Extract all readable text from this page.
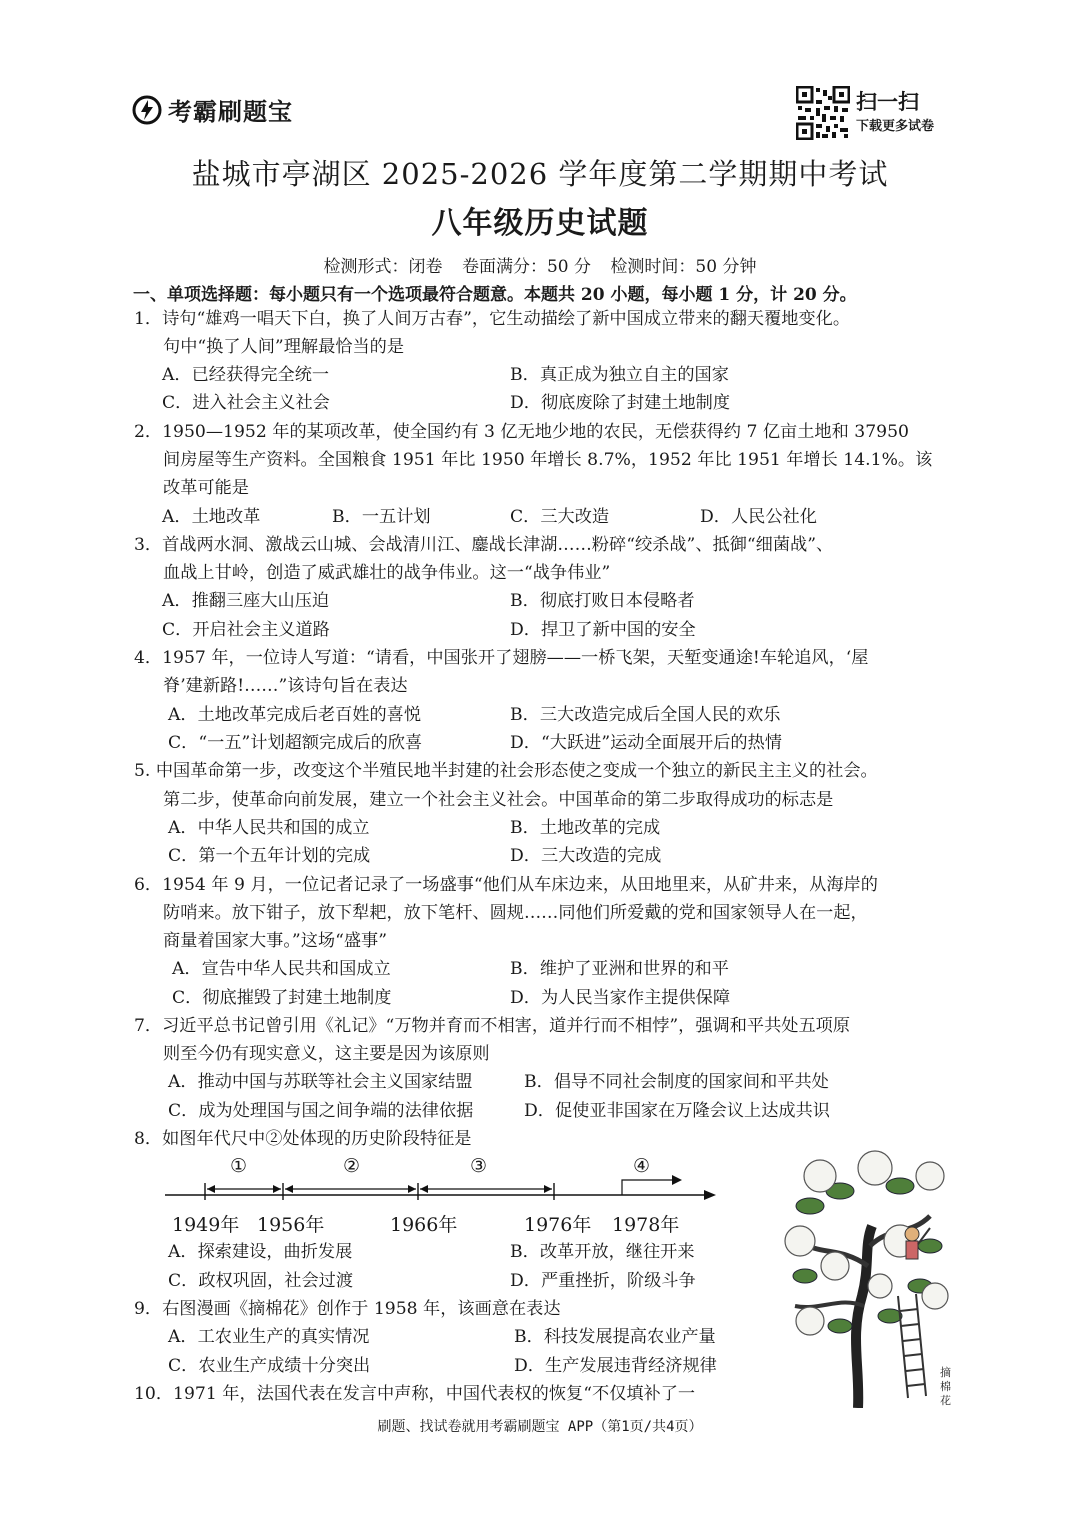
考霸刷题宝	扫一扫
下载更多试卷
盐城市亭湖区 2025-2026 学年度第二学期期中考试
八年级历史试题
检测形式：闭卷 卷面满分：50 分 检测时间：50 分钟
一、单项选择题：每小题只有一个选项最符合题意。本题共 20 小题，每小题 1 分，计 20 分。
1．诗句“雄鸡一唱天下白，换了人间万古春”，它生动描绘了新中国成立带来的翻天覆地变化。
句中“换了人间”理解最恰当的是
A．已经获得完全统一	B．真正成为独立自主的国家
C．进入社会主义社会	D．彻底废除了封建土地制度
2．1950—1952 年的某项改革，使全国约有 3 亿无地少地的农民，无偿获得约 7 亿亩土地和 37950
间房屋等生产资料。全国粮食 1951 年比 1950 年增长 8.7%，1952 年比 1951 年增长 14.1%。该
改革可能是
A．土地改革	B．一五计划	C．三大改造	D．人民公社化
3．首战两水洞、激战云山城、会战清川江、鏖战长津湖……粉碎“绞杀战”、抵御“细菌战”、
血战上甘岭，创造了威武雄壮的战争伟业。这一“战争伟业”
A．推翻三座大山压迫	B．彻底打败日本侵略者
C．开启社会主义道路	D．捍卫了新中国的安全
4．1957 年，一位诗人写道：“请看，中国张开了翅膀——一桥飞架，天堑变通途!车轮追风，‘屋
脊’建新路!……”该诗句旨在表达
A．土地改革完成后老百姓的喜悦	B．三大改造完成后全国人民的欢乐
C．“一五”计划超额完成后的欣喜	D．“大跃进”运动全面展开后的热情
5. 中国革命第一步，改变这个半殖民地半封建的社会形态使之变成一个独立的新民主主义的社会。
第二步，使革命向前发展，建立一个社会主义社会。中国革命的第二步取得成功的标志是
A．中华人民共和国的成立	B．土地改革的完成
C．第一个五年计划的完成	D．三大改造的完成
6．1954 年 9 月，一位记者记录了一场盛事“他们从车床边来，从田地里来，从矿井来，从海岸的
防哨来。放下钳子，放下犁耙，放下笔杆、圆规……同他们所爱戴的党和国家领导人在一起，
商量着国家大事。”这场“盛事”
A．宣告中华人民共和国成立	B．维护了亚洲和世界的和平
C．彻底摧毁了封建土地制度	D．为人民当家作主提供保障
7．习近平总书记曾引用《礼记》“万物并育而不相害，道并行而不相悖”，强调和平共处五项原
则至今仍有现实意义，这主要是因为该原则
A．推动中国与苏联等社会主义国家结盟	B．倡导不同社会制度的国家间和平共处
C．成为处理国与国之间争端的法律依据	D．促使亚非国家在万隆会议上达成共识
8．如图年代尺中②处体现的历史阶段特征是
①	②	③	④
1949年 1956年	1966年	1976年 1978年
A．探索建设，曲折发展	B．改革开放，继往开来
C．政权巩固，社会过渡	D．严重挫折，阶级斗争
9．右图漫画《摘棉花》创作于 1958 年，该画意在表达
A．工农业生产的真实情况	B．科技发展提高农业产量
C．农业生产成绩十分突出	D．生产发展违背经济规律
10．1971 年，法国代表在发言中声称，中国代表权的恢复“不仅填补了一
摘
棉
花
刷题、找试卷就用考霸刷题宝 APP（第1页/共4页）
